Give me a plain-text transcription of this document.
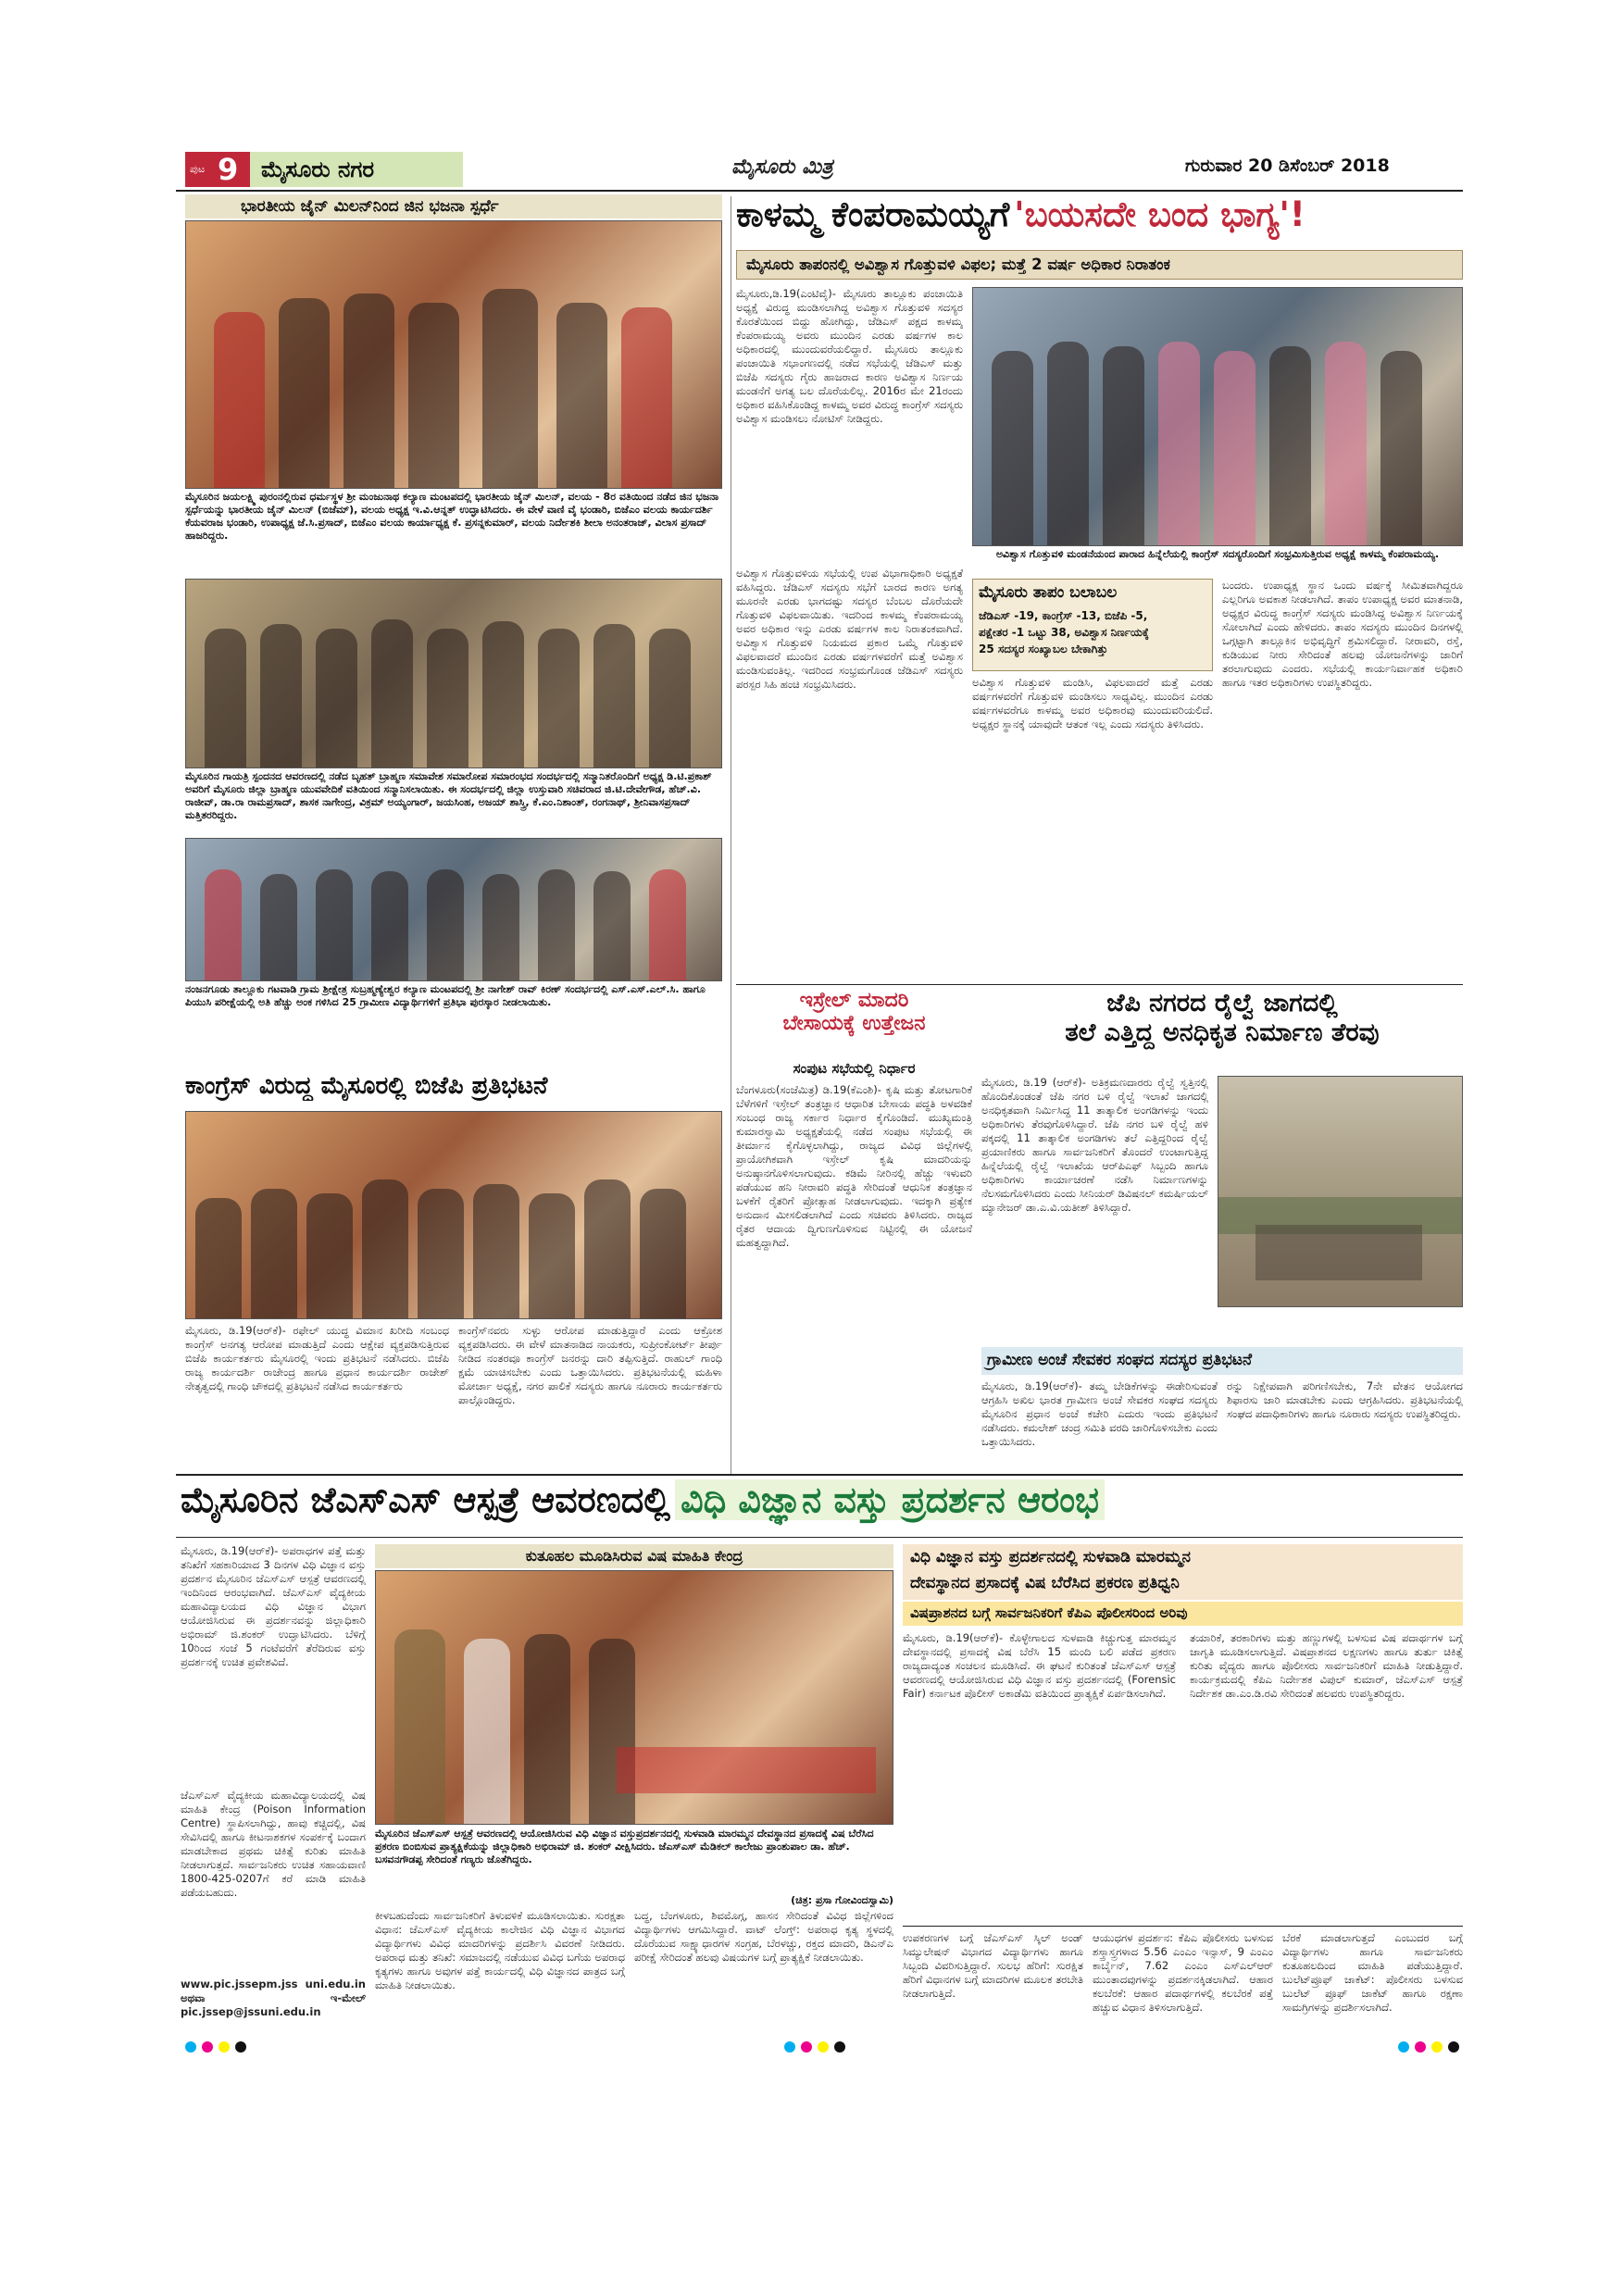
ಪುಟ 9 ಮೈಸೂರು ನಗರ	ಮೈಸೂರು ಮಿತ್ರ	ಗುರುವಾರ 20 ಡಿಸೆಂಬರ್ 2018
ಭಾರತೀಯ ಜೈನ್ ಮಿಲನ್‌ನಿಂದ ಜಿನ ಭಜನಾ ಸ್ಪರ್ಧೆ
ಮೈಸೂರಿನ ಜಯಲಕ್ಷ್ಮಿ ಪುರಂನಲ್ಲಿರುವ ಧರ್ಮಸ್ಥಳ ಶ್ರೀ ಮಂಜುನಾಥ ಕಲ್ಯಾಣ ಮಂಟಪದಲ್ಲಿ ಭಾರತೀಯ ಜೈನ್ ಮಿಲನ್, ವಲಯ - 8ರ ವತಿಯಿಂದ ನಡೆದ ಜಿನ ಭಜನಾ ಸ್ಪರ್ಧೆಯನ್ನು ಭಾರತೀಯ ಜೈನ್ ಮಿಲನ್ (ಬಿಜೆಮ್), ವಲಯ ಅಧ್ಯಕ್ಷ ಇ.ವಿ.ಆನ್ನತ್ ಉದ್ಘಾಟಿಸಿದರು. ಈ ವೇಳೆ ವಾಣಿ ವೈ ಭಂಡಾರಿ, ಬಿಜೆಎಂ ವಲಯ ಕಾರ್ಯದರ್ಶಿ ಕೆಯವರಾಜ ಭಂಡಾರಿ, ಉಪಾಧ್ಯಕ್ಷ ಜೆ.ಸಿ.ಪ್ರಸಾದ್, ಬಿಜೆಎಂ ವಲಯ ಕಾರ್ಯಾಧ್ಯಕ್ಷ ಕೆ. ಪ್ರಸನ್ನಕುಮಾರ್, ವಲಯ ನಿರ್ದೇಶಕಿ ಶೀಲಾ ಅನಂತರಾಜ್, ವಿಲಾಸ ಪ್ರಸಾದ್ ಹಾಜರಿದ್ದರು.
ಮೈಸೂರಿನ ಗಾಯತ್ರಿ ಸ್ಪಂದನದ ಆವರಣದಲ್ಲಿ ನಡೆದ ಬೃಹತ್ ಬ್ರಾಹ್ಮಣ ಸಮಾವೇಶ ಸಮಾರೋಪ ಸಮಾರಂಭದ ಸಂದರ್ಭದಲ್ಲಿ ಸನ್ಮಾನಿತರೊಂದಿಗೆ ಅಧ್ಯಕ್ಷ ಡಿ.ಟಿ.ಪ್ರಕಾಶ್ ಅವರಿಗೆ ಮೈಸೂರು ಜಿಲ್ಲಾ ಬ್ರಾಹ್ಮಣ ಯುವವೇದಿಕೆ ವತಿಯಿಂದ ಸನ್ಮಾನಿಸಲಾಯಿತು. ಈ ಸಂದರ್ಭದಲ್ಲಿ ಜಿಲ್ಲಾ ಉಸ್ತುವಾರಿ ಸಚಿವರಾದ ಜಿ.ಟಿ.ದೇವೇಗೌಡ, ಹೆಚ್.ವಿ. ರಾಜೀವ್, ಡಾ.ರಾ ರಾಮಪ್ರಸಾದ್, ಶಾಸಕ ನಾಗೇಂದ್ರ, ವಿಕ್ರಮ್ ಅಯ್ಯಂಗಾರ್, ಜಯಸಿಂಹ, ಅಜಯ್ ಶಾಸ್ತ್ರಿ, ಕೆ.ಎಂ.ನಿಶಾಂತ್, ರಂಗನಾಥ್, ಶ್ರೀನಿವಾಸಪ್ರಸಾದ್ ಮತ್ತಿತರರಿದ್ದರು.
ನಂಜನಗೂಡು ತಾಲ್ಲೂಕು ಗಟವಾಡಿ ಗ್ರಾಮ ಶ್ರೀಕ್ಷೇತ್ರ ಸುಬ್ರಹ್ಮಣ್ಯೇಶ್ವರ ಕಲ್ಯಾಣ ಮಂಟಪದಲ್ಲಿ ಶ್ರೀ ನಾಗೇಶ್ ರಾವ್ ಕಿರಣ್ ಸಂದರ್ಭದಲ್ಲಿ ಎಸ್.ಎಸ್.ಎಲ್.ಸಿ. ಹಾಗೂ ಪಿಯುಸಿ ಪರೀಕ್ಷೆಯಲ್ಲಿ ಅತಿ ಹೆಚ್ಚು ಅಂಕ ಗಳಿಸಿದ 25 ಗ್ರಾಮೀಣ ವಿದ್ಯಾರ್ಥಿಗಳಿಗೆ ಪ್ರತಿಭಾ ಪುರಸ್ಕಾರ ನೀಡಲಾಯಿತು.
ಕಾಂಗ್ರೆಸ್ ವಿರುದ್ಧ ಮೈಸೂರಲ್ಲಿ ಬಿಜೆಪಿ ಪ್ರತಿಭಟನೆ
ಮೈಸೂರು, ಡಿ.19(ಆರ್‌ಕೆ)- ರಫೇಲ್ ಯುದ್ಧ ವಿಮಾನ ಖರೀದಿ ಸಂಬಂಧ ಕಾಂಗ್ರೆಸ್ ಅನಗತ್ಯ ಆರೋಪ ಮಾಡುತ್ತಿದೆ ಎಂದು ಆಕ್ಷೇಪ ವ್ಯಕ್ತಪಡಿಸುತ್ತಿರುವ ಬಿಜೆಪಿ ಕಾರ್ಯಕರ್ತರು ಮೈಸೂರಲ್ಲಿ ಇಂದು ಪ್ರತಿಭಟನೆ ನಡೆಸಿದರು. ಬಿಜೆಪಿ ರಾಜ್ಯ ಕಾರ್ಯದರ್ಶಿ ರಾಜೇಂದ್ರ ಹಾಗೂ ಪ್ರಧಾನ ಕಾರ್ಯದರ್ಶಿ ರಾಜೇಶ್ ನೇತೃತ್ವದಲ್ಲಿ ಗಾಂಧಿ ಚೌಕದಲ್ಲಿ ಪ್ರತಿಭಟನೆ ನಡೆಸಿದ ಕಾರ್ಯಕರ್ತರು
ಕಾಂಗ್ರೆಸ್‌ನವರು ಸುಳ್ಳು ಆರೋಪ ಮಾಡುತ್ತಿದ್ದಾರೆ ಎಂದು ಆಕ್ರೋಶ ವ್ಯಕ್ತಪಡಿಸಿದರು. ಈ ವೇಳೆ ಮಾತನಾಡಿದ ನಾಯಕರು, ಸುಪ್ರೀಂಕೋರ್ಟ್ ತೀರ್ಪು ನೀಡಿದ ನಂತರವೂ ಕಾಂಗ್ರೆಸ್ ಜನರನ್ನು ದಾರಿ ತಪ್ಪಿಸುತ್ತಿದೆ. ರಾಹುಲ್ ಗಾಂಧಿ ಕ್ಷಮೆ ಯಾಚಿಸಬೇಕು ಎಂದು ಒತ್ತಾಯಿಸಿದರು. ಪ್ರತಿಭಟನೆಯಲ್ಲಿ ಮಹಿಳಾ ಮೋರ್ಚಾ ಅಧ್ಯಕ್ಷೆ, ನಗರ ಪಾಲಿಕೆ ಸದಸ್ಯರು ಹಾಗೂ ನೂರಾರು ಕಾರ್ಯಕರ್ತರು ಪಾಲ್ಗೊಂಡಿದ್ದರು.
ಕಾಳಮ್ಮ ಕೆಂಪರಾಮಯ್ಯಗೆ 'ಬಯಸದೇ ಬಂದ ಭಾಗ್ಯ'!
ಮೈಸೂರು ತಾಪಂನಲ್ಲಿ ಅವಿಶ್ವಾಸ ಗೊತ್ತುವಳಿ ವಿಫಲ; ಮತ್ತೆ 2 ವರ್ಷ ಅಧಿಕಾರ ನಿರಾತಂಕ
ಮೈಸೂರು,ಡಿ.19(ಎಂಟಿವೈ)- ಮೈಸೂರು ತಾಲ್ಲೂಕು ಪಂಚಾಯಿತಿ ಅಧ್ಯಕ್ಷೆ ವಿರುದ್ಧ ಮಂಡಿಸಲಾಗಿದ್ದ ಅವಿಶ್ವಾಸ ಗೊತ್ತುವಳಿ ಸದಸ್ಯರ ಕೊರತೆಯಿಂದ ಬಿದ್ದು ಹೋಗಿದ್ದು, ಜೆಡಿಎಸ್ ಪಕ್ಷದ ಕಾಳಮ್ಮ ಕೆಂಪರಾಮಯ್ಯ ಅವರು ಮುಂದಿನ ಎರಡು ವರ್ಷಗಳ ಕಾಲ ಅಧಿಕಾರದಲ್ಲಿ ಮುಂದುವರೆಯಲಿದ್ದಾರೆ. ಮೈಸೂರು ತಾಲ್ಲೂಕು ಪಂಚಾಯಿತಿ ಸಭಾಂಗಣದಲ್ಲಿ ನಡೆದ ಸಭೆಯಲ್ಲಿ ಜೆಡಿಎಸ್ ಮತ್ತು ಬಿಜೆಪಿ ಸದಸ್ಯರು ಗೈರು ಹಾಜರಾದ ಕಾರಣ ಅವಿಶ್ವಾಸ ನಿರ್ಣಯ ಮಂಡನೆಗೆ ಅಗತ್ಯ ಬಲ ದೊರೆಯಲಿಲ್ಲ. 2016ರ ಮೇ 21ರಂದು ಅಧಿಕಾರ ವಹಿಸಿಕೊಂಡಿದ್ದ ಕಾಳಮ್ಮ ಅವರ ವಿರುದ್ಧ ಕಾಂಗ್ರೆಸ್ ಸದಸ್ಯರು ಅವಿಶ್ವಾಸ ಮಂಡಿಸಲು ನೋಟಿಸ್ ನೀಡಿದ್ದರು.
ಅವಿಶ್ವಾಸ ಗೊತ್ತುವಳಿ ಮಂಡನೆಯಂದ ಪಾರಾದ ಹಿನ್ನೆಲೆಯಲ್ಲಿ ಕಾಂಗ್ರೆಸ್ ಸದಸ್ಯರೊಂದಿಗೆ ಸಂಭ್ರಮಿಸುತ್ತಿರುವ ಅಧ್ಯಕ್ಷೆ ಕಾಳಮ್ಮ ಕೆಂಪರಾಮಯ್ಯ.
ಅವಿಶ್ವಾಸ ಗೊತ್ತುವಳಿಯ ಸಭೆಯಲ್ಲಿ ಉಪ ವಿಭಾಗಾಧಿಕಾರಿ ಅಧ್ಯಕ್ಷತೆ ವಹಿಸಿದ್ದರು. ಜೆಡಿಎಸ್ ಸದಸ್ಯರು ಸಭೆಗೆ ಬಾರದ ಕಾರಣ ಅಗತ್ಯ ಮೂರನೇ ಎರಡು ಭಾಗದಷ್ಟು ಸದಸ್ಯರ ಬೆಂಬಲ ದೊರೆಯದೇ ಗೊತ್ತುವಳಿ ವಿಫಲವಾಯಿತು. ಇದರಿಂದ ಕಾಳಮ್ಮ ಕೆಂಪರಾಮಯ್ಯ ಅವರ ಅಧಿಕಾರ ಇನ್ನು ಎರಡು ವರ್ಷಗಳ ಕಾಲ ನಿರಾತಂಕವಾಗಿದೆ. ಅವಿಶ್ವಾಸ ಗೊತ್ತುವಳಿ ನಿಯಮದ ಪ್ರಕಾರ ಒಮ್ಮೆ ಗೊತ್ತುವಳಿ ವಿಫಲವಾದರೆ ಮುಂದಿನ ಎರಡು ವರ್ಷಗಳವರೆಗೆ ಮತ್ತೆ ಅವಿಶ್ವಾಸ ಮಂಡಿಸುವಂತಿಲ್ಲ. ಇದರಿಂದ ಸಂಭ್ರಮಗೊಂಡ ಜೆಡಿಎಸ್ ಸದಸ್ಯರು ಪರಸ್ಪರ ಸಿಹಿ ಹಂಚಿ ಸಂಭ್ರಮಿಸಿದರು.
ಮೈಸೂರು ತಾಪಂ ಬಲಾಬಲ
ಜೆಡಿಎಸ್ -19, ಕಾಂಗ್ರೆಸ್ -13, ಬಿಜೆಪಿ -5,
ಪಕ್ಷೇತರ -1 ಒಟ್ಟು 38, ಅವಿಶ್ವಾಸ ನಿರ್ಣಯಕ್ಕೆ
25 ಸದಸ್ಯರ ಸಂಖ್ಯಾಬಲ ಬೇಕಾಗಿತ್ತು
ಅವಿಶ್ವಾಸ ಗೊತ್ತುವಳಿ ಮಂಡಿಸಿ, ವಿಫಲವಾದರೆ ಮತ್ತೆ ಎರಡು ವರ್ಷಗಳವರೆಗೆ ಗೊತ್ತುವಳಿ ಮಂಡಿಸಲು ಸಾಧ್ಯವಿಲ್ಲ. ಮುಂದಿನ ಎರಡು ವರ್ಷಗಳವರೆಗೂ ಕಾಳಮ್ಮ ಅವರ ಅಧಿಕಾರವು ಮುಂದುವರಿಯಲಿದೆ. ಅಧ್ಯಕ್ಷರ ಸ್ಥಾನಕ್ಕೆ ಯಾವುದೇ ಆತಂಕ ಇಲ್ಲ ಎಂದು ಸದಸ್ಯರು ತಿಳಿಸಿದರು.
ಬಂದರು. ಉಪಾಧ್ಯಕ್ಷ ಸ್ಥಾನ ಒಂದು ವರ್ಷಕ್ಕೆ ಸೀಮಿತವಾಗಿದ್ದರೂ ಎಲ್ಲರಿಗೂ ಅವಕಾಶ ನೀಡಲಾಗಿದೆ. ತಾಪಂ ಉಪಾಧ್ಯಕ್ಷ ಅವರ ಮಾತನಾಡಿ, ಅಧ್ಯಕ್ಷರ ವಿರುದ್ಧ ಕಾಂಗ್ರೆಸ್ ಸದಸ್ಯರು ಮಂಡಿಸಿದ್ದ ಅವಿಶ್ವಾಸ ನಿರ್ಣಯಕ್ಕೆ ಸೋಲಾಗಿದೆ ಎಂದು ಹೇಳಿದರು. ತಾಪಂ ಸದಸ್ಯರು ಮುಂದಿನ ದಿನಗಳಲ್ಲಿ ಒಗ್ಗಟ್ಟಾಗಿ ತಾಲ್ಲೂಕಿನ ಅಭಿವೃದ್ಧಿಗೆ ಶ್ರಮಿಸಲಿದ್ದಾರೆ. ನೀರಾವರಿ, ರಸ್ತೆ, ಕುಡಿಯುವ ನೀರು ಸೇರಿದಂತೆ ಹಲವು ಯೋಜನೆಗಳನ್ನು ಜಾರಿಗೆ ತರಲಾಗುವುದು ಎಂದರು. ಸಭೆಯಲ್ಲಿ ಕಾರ್ಯನಿರ್ವಾಹಕ ಅಧಿಕಾರಿ ಹಾಗೂ ಇತರ ಅಧಿಕಾರಿಗಳು ಉಪಸ್ಥಿತರಿದ್ದರು.
ಇಸ್ರೇಲ್ ಮಾದರಿ
ಬೇಸಾಯಕ್ಕೆ ಉತ್ತೇಜನ
ಸಂಪುಟ ಸಭೆಯಲ್ಲಿ ನಿರ್ಧಾರ
ಬೆಂಗಳೂರು(ಸಂಜೆಮಿತ್ರ) ಡಿ.19(ಕೆಎಂಶಿ)- ಕೃಷಿ ಮತ್ತು ತೋಟಗಾರಿಕೆ ಬೆಳೆಗಳಿಗೆ ಇಸ್ರೇಲ್ ತಂತ್ರಜ್ಞಾನ ಆಧಾರಿತ ಬೇಸಾಯ ಪದ್ಧತಿ ಅಳವಡಿಕೆ ಸಂಬಂಧ ರಾಜ್ಯ ಸರ್ಕಾರ ನಿರ್ಧಾರ ಕೈಗೊಂಡಿದೆ. ಮುಖ್ಯಮಂತ್ರಿ ಕುಮಾರಸ್ವಾಮಿ ಅಧ್ಯಕ್ಷತೆಯಲ್ಲಿ ನಡೆದ ಸಂಪುಟ ಸಭೆಯಲ್ಲಿ ಈ ತೀರ್ಮಾನ ಕೈಗೊಳ್ಳಲಾಗಿದ್ದು, ರಾಜ್ಯದ ವಿವಿಧ ಜಿಲ್ಲೆಗಳಲ್ಲಿ ಪ್ರಾಯೋಗಿಕವಾಗಿ ಇಸ್ರೇಲ್ ಕೃಷಿ ಮಾದರಿಯನ್ನು ಅನುಷ್ಠಾನಗೊಳಿಸಲಾಗುವುದು. ಕಡಿಮೆ ನೀರಿನಲ್ಲಿ ಹೆಚ್ಚು ಇಳುವರಿ ಪಡೆಯುವ ಹನಿ ನೀರಾವರಿ ಪದ್ಧತಿ ಸೇರಿದಂತೆ ಆಧುನಿಕ ತಂತ್ರಜ್ಞಾನ ಬಳಕೆಗೆ ರೈತರಿಗೆ ಪ್ರೋತ್ಸಾಹ ನೀಡಲಾಗುವುದು. ಇದಕ್ಕಾಗಿ ಪ್ರತ್ಯೇಕ ಅನುದಾನ ಮೀಸಲಿಡಲಾಗಿದೆ ಎಂದು ಸಚಿವರು ತಿಳಿಸಿದರು. ರಾಜ್ಯದ ರೈತರ ಆದಾಯ ದ್ವಿಗುಣಗೊಳಿಸುವ ನಿಟ್ಟಿನಲ್ಲಿ ಈ ಯೋಜನೆ ಮಹತ್ವದ್ದಾಗಿದೆ.
ಜೆಪಿ ನಗರದ ರೈಲ್ವೆ ಜಾಗದಲ್ಲಿ
ತಲೆ ಎತ್ತಿದ್ದ ಅನಧಿಕೃತ ನಿರ್ಮಾಣ ತೆರವು
ಮೈಸೂರು, ಡಿ.19 (ಆರ್‌ಕೆ)- ಅತಿಕ್ರಮಣದಾರರು ರೈಲ್ವೆ ಸ್ವತ್ತಿನಲ್ಲಿ ಹೊಂದಿಕೊಂಡಂತೆ ಜೆಪಿ ನಗರ ಬಳಿ ರೈಲ್ವೆ ಇಲಾಖೆ ಜಾಗದಲ್ಲಿ ಅನಧಿಕೃತವಾಗಿ ನಿರ್ಮಿಸಿದ್ದ 11 ತಾತ್ಕಾಲಿಕ ಅಂಗಡಿಗಳನ್ನು ಇಂದು ಅಧಿಕಾರಿಗಳು ತೆರವುಗೊಳಿಸಿದ್ದಾರೆ. ಜೆಪಿ ನಗರ ಬಳಿ ರೈಲ್ವೆ ಹಳಿ ಪಕ್ಕದಲ್ಲಿ 11 ತಾತ್ಕಾಲಿಕ ಅಂಗಡಿಗಳು ತಲೆ ಎತ್ತಿದ್ದರಿಂದ ರೈಲ್ವೆ ಪ್ರಯಾಣಿಕರು ಹಾಗೂ ಸಾರ್ವಜನಿಕರಿಗೆ ತೊಂದರೆ ಉಂಟಾಗುತ್ತಿದ್ದ ಹಿನ್ನೆಲೆಯಲ್ಲಿ ರೈಲ್ವೆ ಇಲಾಖೆಯ ಆರ್‌ಪಿಎಫ್ ಸಿಬ್ಬಂದಿ ಹಾಗೂ ಅಧಿಕಾರಿಗಳು ಕಾರ್ಯಾಚರಣೆ ನಡೆಸಿ ನಿರ್ಮಾಣಗಳನ್ನು ನೆಲಸಮಗೊಳಿಸಿದರು ಎಂದು ಸೀನಿಯರ್ ಡಿವಿಷನಲ್ ಕಮರ್ಷಿಯಲ್ ಮ್ಯಾನೇಜರ್ ಡಾ.ಎ.ವಿ.ಯತೀಶ್ ತಿಳಿಸಿದ್ದಾರೆ.
ಗ್ರಾಮೀಣ ಅಂಚೆ ಸೇವಕರ ಸಂಘದ ಸದಸ್ಯರ ಪ್ರತಿಭಟನೆ
ಮೈಸೂರು, ಡಿ.19(ಆರ್‌ಕೆ)- ತಮ್ಮ ಬೇಡಿಕೆಗಳನ್ನು ಈಡೇರಿಸುವಂತೆ ಆಗ್ರಹಿಸಿ ಅಖಿಲ ಭಾರತ ಗ್ರಾಮೀಣ ಅಂಚೆ ಸೇವಕರ ಸಂಘದ ಸದಸ್ಯರು ಮೈಸೂರಿನ ಪ್ರಧಾನ ಅಂಚೆ ಕಚೇರಿ ಎದುರು ಇಂದು ಪ್ರತಿಭಟನೆ ನಡೆಸಿದರು. ಕಮಲೇಶ್ ಚಂದ್ರ ಸಮಿತಿ ವರದಿ ಜಾರಿಗೊಳಿಸಬೇಕು ಎಂದು ಒತ್ತಾಯಿಸಿದರು.
ರನ್ನು ನಿಕ್ಷೇಪವಾಗಿ ಪರಿಗಣಿಸಬೇಕು, 7ನೇ ವೇತನ ಆಯೋಗದ ಶಿಫಾರಸು ಜಾರಿ ಮಾಡಬೇಕು ಎಂದು ಆಗ್ರಹಿಸಿದರು. ಪ್ರತಿಭಟನೆಯಲ್ಲಿ ಸಂಘದ ಪದಾಧಿಕಾರಿಗಳು ಹಾಗೂ ನೂರಾರು ಸದಸ್ಯರು ಉಪಸ್ಥಿತರಿದ್ದರು.
ಮೈಸೂರಿನ ಜೆಎಸ್‌ಎಸ್ ಆಸ್ಪತ್ರೆ ಆವರಣದಲ್ಲಿ ವಿಧಿ ವಿಜ್ಞಾನ ವಸ್ತು ಪ್ರದರ್ಶನ ಆರಂಭ
ಮೈಸೂರು, ಡಿ.19(ಆರ್‌ಕೆ)- ಅಪರಾಧಗಳ ಪತ್ತೆ ಮತ್ತು ತನಿಖೆಗೆ ಸಹಕಾರಿಯಾದ 3 ದಿನಗಳ ವಿಧಿ ವಿಜ್ಞಾನ ವಸ್ತು ಪ್ರದರ್ಶನ ಮೈಸೂರಿನ ಜೆಎಸ್‌ಎಸ್ ಆಸ್ಪತ್ರೆ ಆವರಣದಲ್ಲಿ ಇಂದಿನಿಂದ ಆರಂಭವಾಗಿದೆ. ಜೆಎಸ್‌ಎಸ್ ವೈದ್ಯಕೀಯ ಮಹಾವಿದ್ಯಾಲಯದ ವಿಧಿ ವಿಜ್ಞಾನ ವಿಭಾಗ ಆಯೋಜಿಸಿರುವ ಈ ಪ್ರದರ್ಶನವನ್ನು ಜಿಲ್ಲಾಧಿಕಾರಿ ಅಭಿರಾಮ್ ಜಿ.ಶಂಕರ್ ಉದ್ಘಾಟಿಸಿದರು. ಬೆಳಿಗ್ಗೆ 10ರಿಂದ ಸಂಜೆ 5 ಗಂಟೆವರೆಗೆ ತೆರೆದಿರುವ ವಸ್ತು ಪ್ರದರ್ಶನಕ್ಕೆ ಉಚಿತ ಪ್ರವೇಶವಿದೆ.
ಜೆಎಸ್‌ಎಸ್ ವೈದ್ಯಕೀಯ ಮಹಾವಿದ್ಯಾಲಯದಲ್ಲಿ ವಿಷ ಮಾಹಿತಿ ಕೇಂದ್ರ (Poison Information Centre) ಸ್ಥಾಪಿಸಲಾಗಿದ್ದು, ಹಾವು ಕಚ್ಚಿದಲ್ಲಿ, ವಿಷ ಸೇವಿಸಿದಲ್ಲಿ ಹಾಗೂ ಕೀಟನಾಶಕಗಳ ಸಂಪರ್ಕಕ್ಕೆ ಬಂದಾಗ ಮಾಡಬೇಕಾದ ಪ್ರಥಮ ಚಿಕಿತ್ಸೆ ಕುರಿತು ಮಾಹಿತಿ ನೀಡಲಾಗುತ್ತದೆ. ಸಾರ್ವಜನಿಕರು ಉಚಿತ ಸಹಾಯವಾಣಿ 1800-425-0207ಗೆ ಕರೆ ಮಾಡಿ ಮಾಹಿತಿ ಪಡೆಯಬಹುದು.
www.pic.jssepm.jss uni.edu.in ಅಥವಾ ಇ-ಮೇಲ್ pic.jssep@jssuni.edu.in
ಕುತೂಹಲ ಮೂಡಿಸಿರುವ ವಿಷ ಮಾಹಿತಿ ಕೇಂದ್ರ
ಮೈಸೂರಿನ ಜೆಎಸ್‌ಎಸ್ ಆಸ್ಪತ್ರೆ ಆವರಣದಲ್ಲಿ ಆಯೋಜಿಸಿರುವ ವಿಧಿ ವಿಜ್ಞಾನ ವಸ್ತುಪ್ರದರ್ಶನದಲ್ಲಿ ಸುಳವಾಡಿ ಮಾರಮ್ಮನ ದೇವಸ್ಥಾನದ ಪ್ರಸಾದಕ್ಕೆ ವಿಷ ಬೆರೆಸಿದ ಪ್ರಕರಣ ಬಿಂಬಿಸುವ ಪ್ರಾತ್ಯಕ್ಷಿಕೆಯನ್ನು ಜಿಲ್ಲಾಧಿಕಾರಿ ಅಭಿರಾಮ್ ಜಿ. ಶಂಕರ್ ವೀಕ್ಷಿಸಿದರು. ಜೆಎಸ್‌ಎಸ್ ಮೆಡಿಕಲ್ ಕಾಲೇಜು ಪ್ರಾಂಶುಪಾಲ ಡಾ. ಹೆಚ್. ಬಸವನಗೌಡಪ್ಪ ಸೇರಿದಂತೆ ಗಣ್ಯರು ಜೊತೆಗಿದ್ದರು.
(ಚಿತ್ರ: ಪ್ರಸಾ ಗೋವಿಂದಸ್ವಾಮಿ)
ಕೀಳಬಹುದೆಂದು ಸಾರ್ವಜನಿಕರಿಗೆ ತಿಳುವಳಿಕೆ ಮೂಡಿಸಲಾಯಿತು. ಸುರಕ್ಷತಾ ವಿಧಾನ: ಜೆಎಸ್‌ಎಸ್ ವೈದ್ಯಕೀಯ ಕಾಲೇಜಿನ ವಿಧಿ ವಿಜ್ಞಾನ ವಿಭಾಗದ ವಿದ್ಯಾರ್ಥಿಗಳು ವಿವಿಧ ಮಾದರಿಗಳನ್ನು ಪ್ರದರ್ಶಿಸಿ ವಿವರಣೆ ನೀಡಿದರು. ಅಪರಾಧ ಮತ್ತು ತನಿಖೆ: ಸಮಾಜದಲ್ಲಿ ನಡೆಯುವ ವಿವಿಧ ಬಗೆಯ ಅಪರಾಧ ಕೃತ್ಯಗಳು ಹಾಗೂ ಅವುಗಳ ಪತ್ತೆ ಕಾರ್ಯದಲ್ಲಿ ವಿಧಿ ವಿಜ್ಞಾನದ ಪಾತ್ರದ ಬಗ್ಗೆ ಮಾಹಿತಿ ನೀಡಲಾಯಿತು.
ಬದ್ಧ, ಬೆಂಗಳೂರು, ಶಿವಮೊಗ್ಗ, ಹಾಸನ ಸೇರಿದಂತೆ ವಿವಿಧ ಜಿಲ್ಲೆಗಳಿಂದ ವಿದ್ಯಾರ್ಥಿಗಳು ಆಗಮಿಸಿದ್ದಾರೆ. ವಾಟ್ ಲೆಂಗ್ತ್: ಅಪರಾಧ ಕೃತ್ಯ ಸ್ಥಳದಲ್ಲಿ ದೊರೆಯುವ ಸಾಕ್ಷ್ಯಾಧಾರಗಳ ಸಂಗ್ರಹ, ಬೆರಳಚ್ಚು, ರಕ್ತದ ಮಾದರಿ, ಡಿಎನ್‌ಎ ಪರೀಕ್ಷೆ ಸೇರಿದಂತೆ ಹಲವು ವಿಷಯಗಳ ಬಗ್ಗೆ ಪ್ರಾತ್ಯಕ್ಷಿಕೆ ನೀಡಲಾಯಿತು.
ವಿಧಿ ವಿಜ್ಞಾನ ವಸ್ತು ಪ್ರದರ್ಶನದಲ್ಲಿ ಸುಳವಾಡಿ ಮಾರಮ್ಮನ
ದೇವಸ್ಥಾನದ ಪ್ರಸಾದಕ್ಕೆ ವಿಷ ಬೆರೆಸಿದ ಪ್ರಕರಣ ಪ್ರತಿಧ್ವನಿ
ವಿಷಪ್ರಾಶನದ ಬಗ್ಗೆ ಸಾರ್ವಜನಿಕರಿಗೆ ಕೆಪಿಎ ಪೊಲೀಸರಿಂದ ಅರಿವು
ಮೈಸೂರು, ಡಿ.19(ಆರ್‌ಕೆ)- ಕೊಳ್ಳೇಗಾಲದ ಸುಳವಾಡಿ ಕಿಚ್ಚುಗುತ್ತ ಮಾರಮ್ಮನ ದೇವಸ್ಥಾನದಲ್ಲಿ ಪ್ರಸಾದಕ್ಕೆ ವಿಷ ಬೆರೆಸಿ 15 ಮಂದಿ ಬಲಿ ಪಡೆದ ಪ್ರಕರಣ ರಾಜ್ಯದಾದ್ಯಂತ ಸಂಚಲನ ಮೂಡಿಸಿದೆ. ಈ ಘಟನೆ ಕುರಿತಂತೆ ಜೆಎಸ್‌ಎಸ್ ಆಸ್ಪತ್ರೆ ಆವರಣದಲ್ಲಿ ಆಯೋಜಿಸಿರುವ ವಿಧಿ ವಿಜ್ಞಾನ ವಸ್ತು ಪ್ರದರ್ಶನದಲ್ಲಿ (Forensic Fair) ಕರ್ನಾಟಕ ಪೊಲೀಸ್ ಅಕಾಡೆಮಿ ವತಿಯಿಂದ ಪ್ರಾತ್ಯಕ್ಷಿಕೆ ಏರ್ಪಡಿಸಲಾಗಿದೆ.
ತಯಾರಿಕೆ, ತರಕಾರಿಗಳು ಮತ್ತು ಹಣ್ಣುಗಳಲ್ಲಿ ಬಳಸುವ ವಿಷ ಪದಾರ್ಥಗಳ ಬಗ್ಗೆ ಜಾಗೃತಿ ಮೂಡಿಸಲಾಗುತ್ತಿದೆ. ವಿಷಪ್ರಾಶನದ ಲಕ್ಷಣಗಳು ಹಾಗೂ ತುರ್ತು ಚಿಕಿತ್ಸೆ ಕುರಿತು ವೈದ್ಯರು ಹಾಗೂ ಪೊಲೀಸರು ಸಾರ್ವಜನಿಕರಿಗೆ ಮಾಹಿತಿ ನೀಡುತ್ತಿದ್ದಾರೆ. ಕಾರ್ಯಕ್ರಮದಲ್ಲಿ ಕೆಪಿಎ ನಿರ್ದೇಶಕ ವಿಪುಲ್ ಕುಮಾರ್, ಜೆಎಸ್‌ಎಸ್ ಆಸ್ಪತ್ರೆ ನಿರ್ದೇಶಕ ಡಾ.ಎಂ.ಡಿ.ರವಿ ಸೇರಿದಂತೆ ಹಲವರು ಉಪಸ್ಥಿತರಿದ್ದರು.
ಉಪಕರಣಗಳ ಬಗ್ಗೆ ಜೆಎಸ್‌ಎಸ್ ಸ್ಕಿಲ್ ಅಂಡ್ ಸಿಮ್ಯುಲೇಷನ್ ವಿಭಾಗದ ವಿದ್ಯಾರ್ಥಿಗಳು ಹಾಗೂ ಸಿಬ್ಬಂದಿ ವಿವರಿಸುತ್ತಿದ್ದಾರೆ. ಸುಲಭ ಹೆರಿಗೆ: ಸುರಕ್ಷಿತ ಹೆರಿಗೆ ವಿಧಾನಗಳ ಬಗ್ಗೆ ಮಾದರಿಗಳ ಮೂಲಕ ತರಬೇತಿ ನೀಡಲಾಗುತ್ತಿದೆ.
ಆಯುಧಗಳ ಪ್ರದರ್ಶನ: ಕೆಪಿಎ ಪೊಲೀಸರು ಬಳಸುವ ಶಸ್ತ್ರಾಸ್ತ್ರಗಳಾದ 5.56 ಎಂಎಂ ಇನ್ಸಾಸ್, 9 ಎಂಎಂ ಕಾರ್ಬೈನ್, 7.62 ಎಂಎಂ ಎಸ್‌ಎಲ್‌ಆರ್ ಮುಂತಾದವುಗಳನ್ನು ಪ್ರದರ್ಶನಕ್ಕಿಡಲಾಗಿದೆ. ಆಹಾರ ಕಲಬೆರಕೆ: ಆಹಾರ ಪದಾರ್ಥಗಳಲ್ಲಿ ಕಲಬೆರಕೆ ಪತ್ತೆ ಹಚ್ಚುವ ವಿಧಾನ ತಿಳಿಸಲಾಗುತ್ತಿದೆ.
ಬೆರಕೆ ಮಾಡಲಾಗುತ್ತದೆ ಎಂಬುದರ ಬಗ್ಗೆ ವಿದ್ಯಾರ್ಥಿಗಳು ಹಾಗೂ ಸಾರ್ವಜನಿಕರು ಕುತೂಹಲದಿಂದ ಮಾಹಿತಿ ಪಡೆಯುತ್ತಿದ್ದಾರೆ. ಬುಲೆಟ್‌ಪ್ರೂಫ್ ಜಾಕೆಟ್: ಪೊಲೀಸರು ಬಳಸುವ ಬುಲೆಟ್ ಪ್ರೂಫ್ ಜಾಕೆಟ್ ಹಾಗೂ ರಕ್ಷಣಾ ಸಾಮಗ್ರಿಗಳನ್ನು ಪ್ರದರ್ಶಿಸಲಾಗಿದೆ.
